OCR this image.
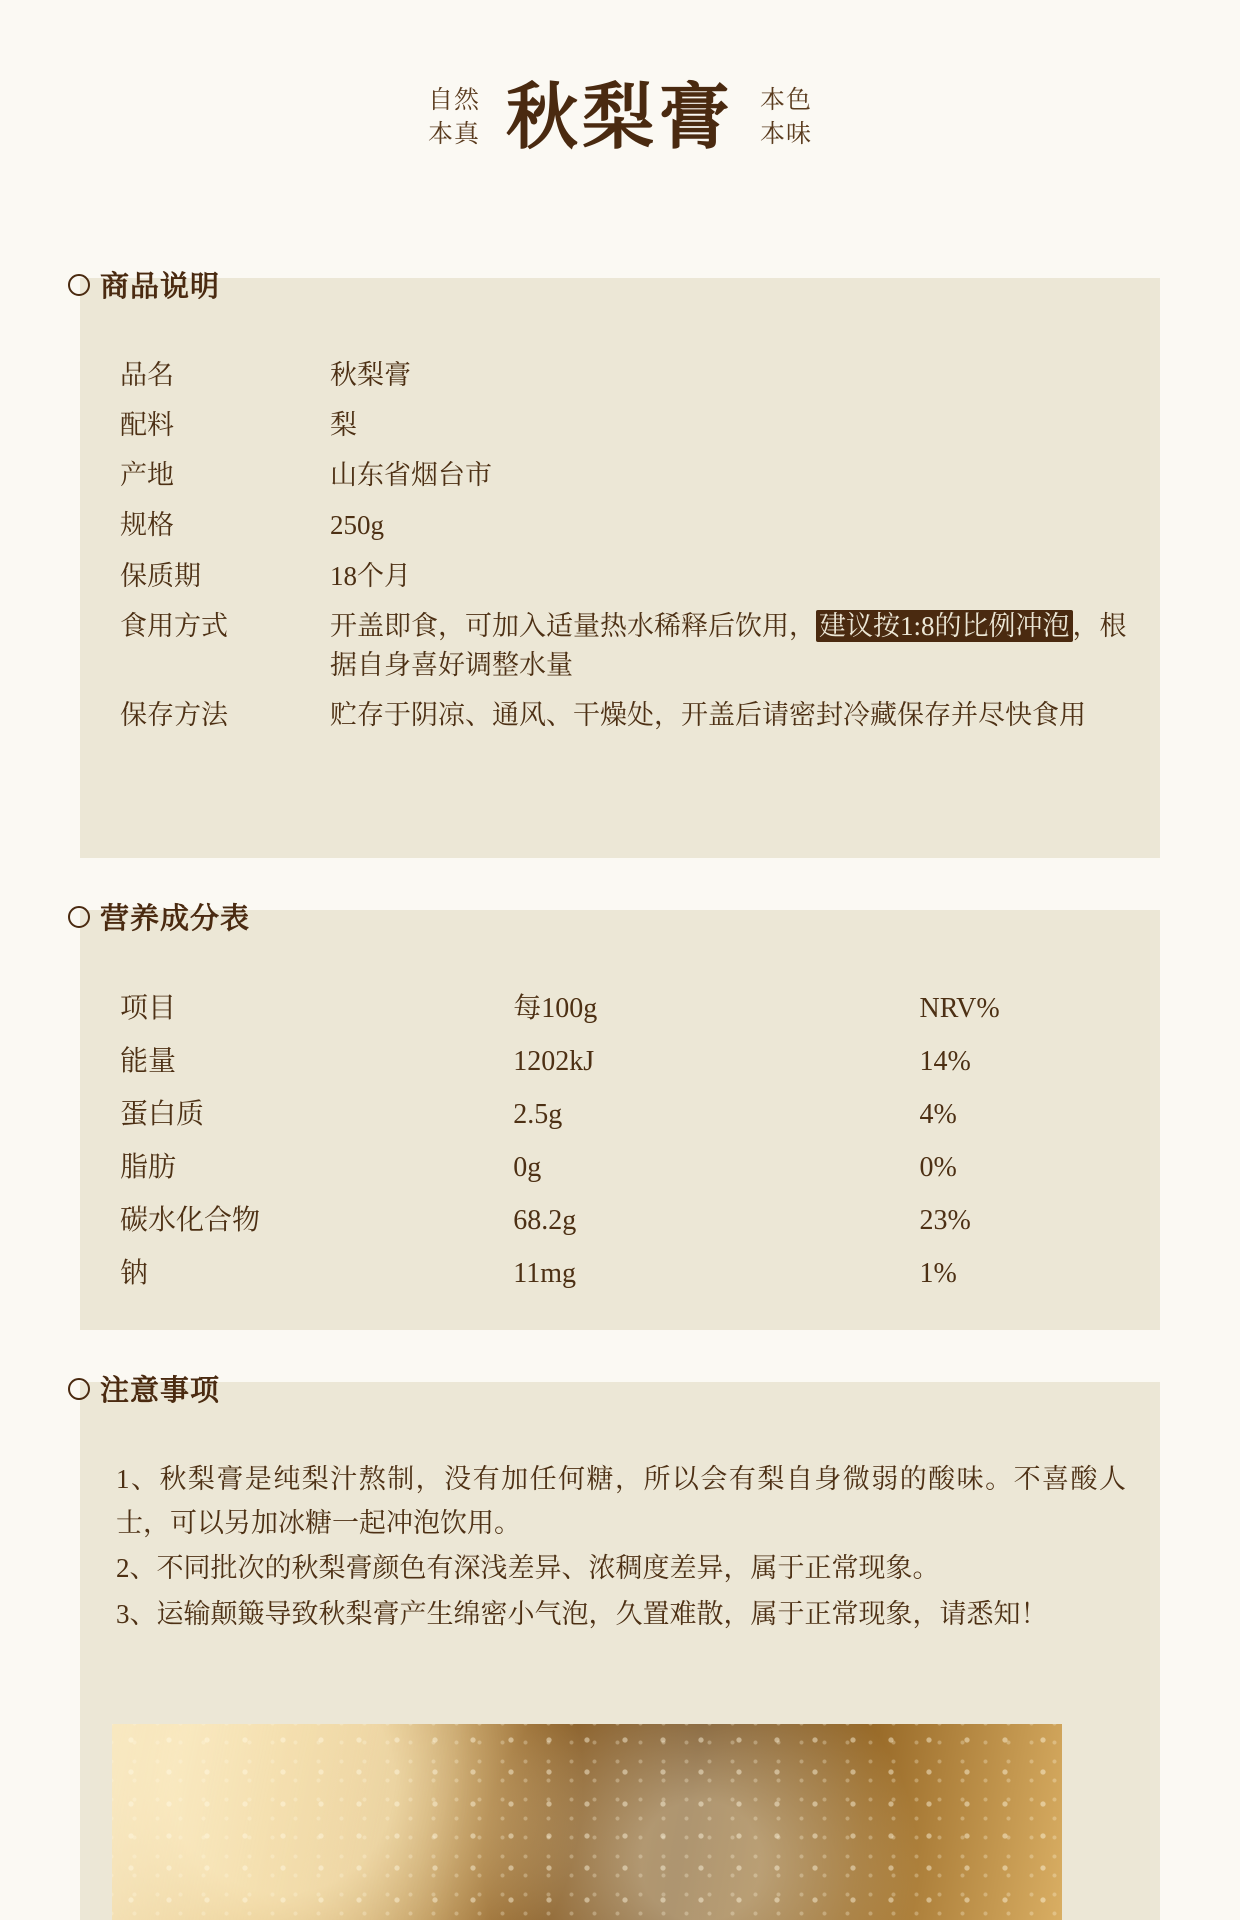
自然
本真 秋梨膏 本色
本味
商品说明
品名	秋梨膏
配料	梨
产地	山东省烟台市
规格	250g
保质期	18个月
食用方式	开盖即食，可加入适量热水稀释后饮用， 建议按1:8的比例冲泡 ，根据自身喜好调整水量
保存方法	贮存于阴凉、通风、干燥处，开盖后请密封冷藏保存并尽快食用
营养成分表
项目	每100g	NRV%
能量	1202kJ	14%
蛋白质	2.5g	4%
脂肪	0g	0%
碳水化合物	68.2g	23%
钠	11mg	1%
注意事项

1、秋梨膏是纯梨汁熬制，没有加任何糖，所以会有梨自身微弱的酸味。不喜酸人士，可以另加冰糖一起冲泡饮用。

2、不同批次的秋梨膏颜色有深浅差异、浓稠度差异，属于正常现象。

3、运输颠簸导致秋梨膏产生绵密小气泡，久置难散，属于正常现象，请悉知！
